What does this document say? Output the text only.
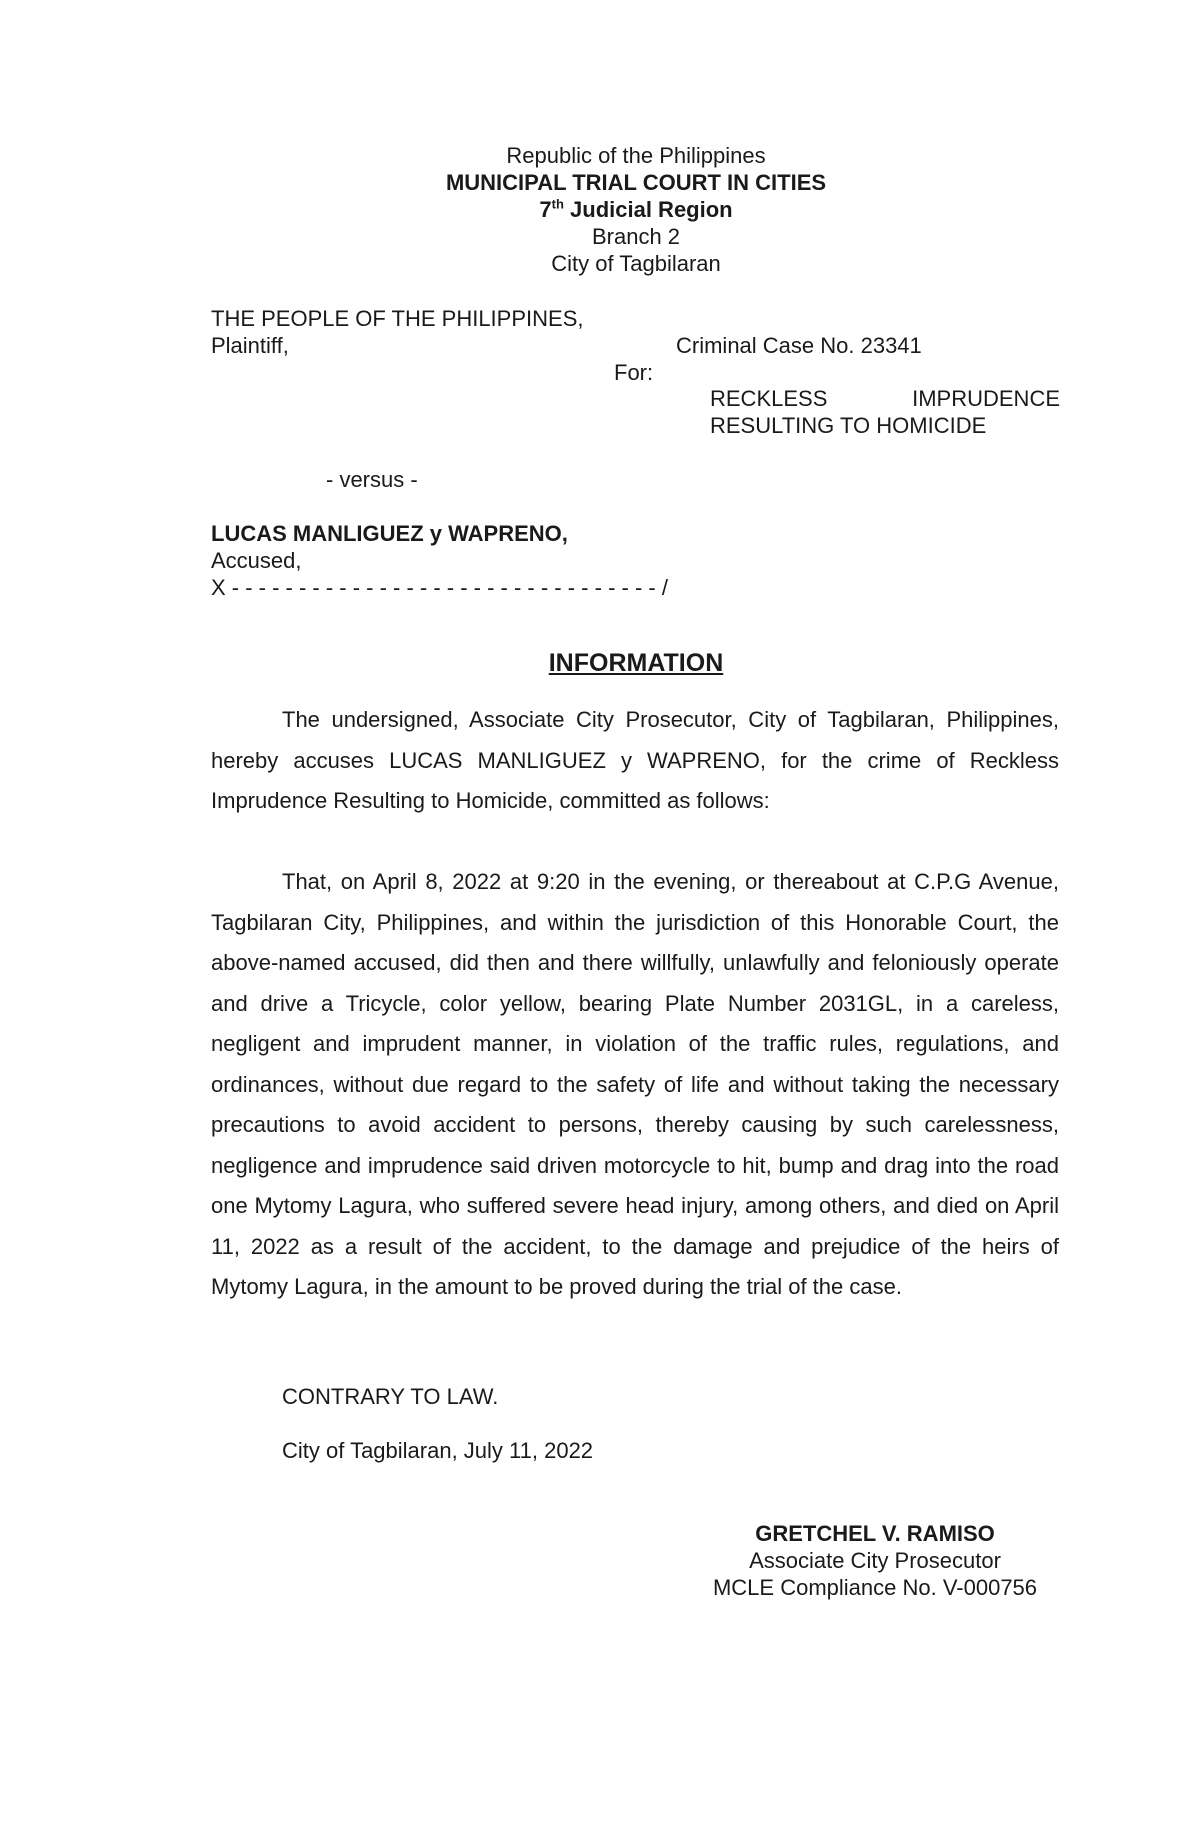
Republic of the Philippines
MUNICIPAL TRIAL COURT IN CITIES
7th Judicial Region
Branch 2
City of Tagbilaran
THE PEOPLE OF THE PHILIPPINES,
Plaintiff,	Criminal Case No. 23341
For:
RECKLESS IMPRUDENCE
RESULTING TO HOMICIDE
- versus -
LUCAS MANLIGUEZ y WAPRENO,
Accused,
X - - - - - - - - - - - - - - - - - - - - - - - - - - - - - - - - /
INFORMATION

The undersigned, Associate City Prosecutor, City of Tagbilaran, Philippines, hereby accuses LUCAS MANLIGUEZ y WAPRENO, for the crime of Reckless Imprudence Resulting to Homicide, committed as follows:

That, on April 8, 2022 at 9:20 in the evening, or thereabout at C.P.G Avenue, Tagbilaran City, Philippines, and within the jurisdiction of this Honorable Court, the above-named accused, did then and there willfully, unlawfully and feloniously operate and drive a Tricycle, color yellow, bearing Plate Number 2031GL, in a careless, negligent and imprudent manner, in violation of the traffic rules, regulations, and ordinances, without due regard to the safety of life and without taking the necessary precautions to avoid accident to persons, thereby causing by such carelessness, negligence and imprudence said driven motorcycle to hit, bump and drag into the road one Mytomy Lagura, who suffered severe head injury, among others, and died on April 11, 2022 as a result of the accident, to the damage and prejudice of the heirs of Mytomy Lagura, in the amount to be proved during the trial of the case.

CONTRARY TO LAW.
City of Tagbilaran, July 11, 2022
GRETCHEL V. RAMISO
Associate City Prosecutor
MCLE Compliance No. V-000756
